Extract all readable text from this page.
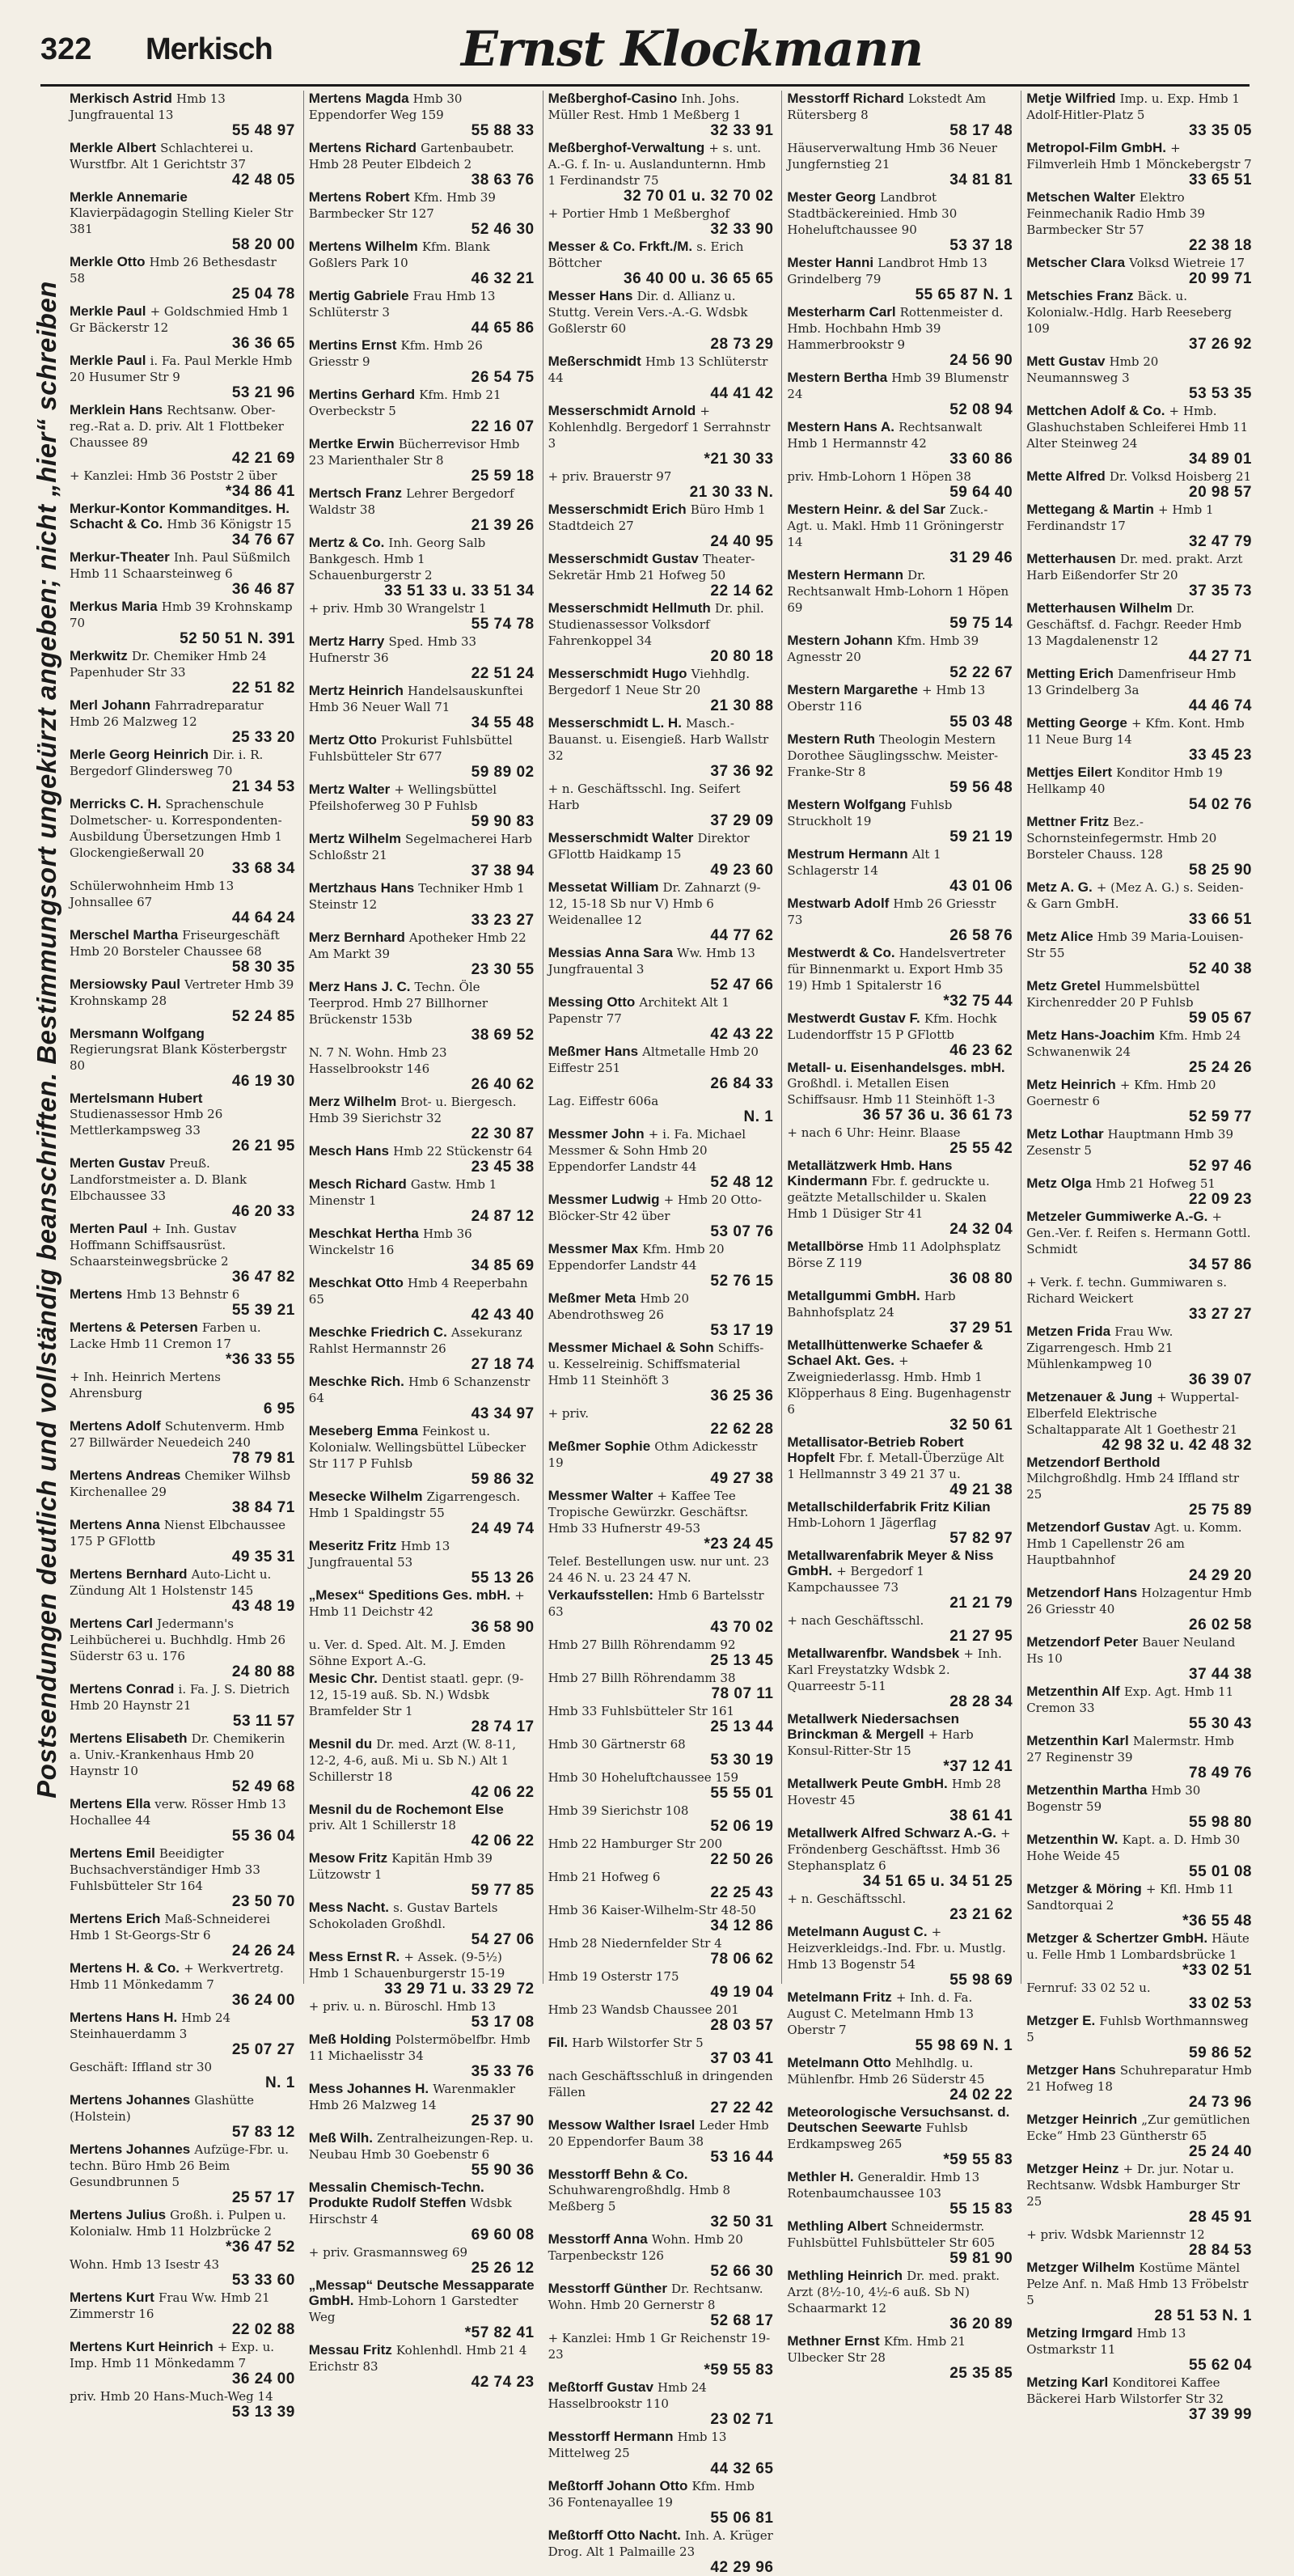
322 Merkisch	Ernst Klockmann
Postsendungen deutlich und vollständig beanschriften. Bestimmungsort ungekürzt angeben; nicht „hier“ schreiben
Merkisch Astrid Hmb 13 Jungfrauental 13
55 48 97
Merkle Albert Schlachterei u. Wurstfbr. Alt 1 Gerichtstr 37
42 48 05
Merkle Annemarie Klavierpädagogin Stelling Kieler Str 381
58 20 00
Merkle Otto Hmb 26 Bethesdastr 58
25 04 78
Merkle Paul + Goldschmied Hmb 1 Gr Bäckerstr 12
36 36 65
Merkle Paul i. Fa. Paul Merkle Hmb 20 Husumer Str 9
53 21 96
Merklein Hans Rechtsanw. Ober-reg.-Rat a. D. priv. Alt 1 Flottbeker Chaussee 89
42 21 69
+ Kanzlei: Hmb 36 Poststr 2 über
*34 86 41
Merkur-Kontor Kommanditges. H. Schacht & Co. Hmb 36 Königstr 15
34 76 67
Merkur-Theater Inh. Paul Süßmilch Hmb 11 Schaarsteinweg 6
36 46 87
Merkus Maria Hmb 39 Krohnskamp 70
52 50 51 N. 391
Merkwitz Dr. Chemiker Hmb 24 Papenhuder Str 33
22 51 82
Merl Johann Fahrradreparatur Hmb 26 Malzweg 12
25 33 20
Merle Georg Heinrich Dir. i. R. Bergedorf Glindersweg 70
21 34 53
Merricks C. H. Sprachenschule Dolmetscher- u. Korrespondenten-Ausbildung Übersetzungen Hmb 1 Glockengießerwall 20
33 68 34
Schülerwohnheim Hmb 13 Johnsallee 67
44 64 24
Merschel Martha Friseurgeschäft Hmb 20 Borsteler Chaussee 68
58 30 35
Mersiowsky Paul Vertreter Hmb 39 Krohnskamp 28
52 24 85
Mersmann Wolfgang Regierungsrat Blank Kösterbergstr 80
46 19 30
Mertelsmann Hubert Studienassessor Hmb 26 Mettlerkampsweg 33
26 21 95
Merten Gustav Preuß. Landforstmeister a. D. Blank Elbchaussee 33
46 20 33
Merten Paul + Inh. Gustav Hoffmann Schiffsausrüst. Schaarsteinwegsbrücke 2
36 47 82
Mertens Hmb 13 Behnstr 6
55 39 21
Mertens & Petersen Farben u. Lacke Hmb 11 Cremon 17
*36 33 55
+ Inh. Heinrich Mertens Ahrensburg
6 95
Mertens Adolf Schutenverm. Hmb 27 Billwärder Neuedeich 240
78 79 81
Mertens Andreas Chemiker Wilhsb Kirchenallee 29
38 84 71
Mertens Anna Nienst Elbchaussee 175 P GFlottb
49 35 31
Mertens Bernhard Auto-Licht u. Zündung Alt 1 Holstenstr 145
43 48 19
Mertens Carl Jedermann's Leihbücherei u. Buchhdlg. Hmb 26 Süderstr 63 u. 176
24 80 88
Mertens Conrad i. Fa. J. S. Dietrich Hmb 20 Haynstr 21
53 11 57
Mertens Elisabeth Dr. Chemikerin a. Univ.-Krankenhaus Hmb 20 Haynstr 10
52 49 68
Mertens Ella verw. Rösser Hmb 13 Hochallee 44
55 36 04
Mertens Emil Beeidigter Buchsachverständiger Hmb 33 Fuhlsbütteler Str 164
23 50 70
Mertens Erich Maß-Schneiderei Hmb 1 St-Georgs-Str 6
24 26 24
Mertens H. & Co. + Werkvertretg. Hmb 11 Mönkedamm 7
36 24 00
Mertens Hans H. Hmb 24 Steinhauerdamm 3
25 07 27
Geschäft: Iffland str 30
N. 1
Mertens Johannes Glashütte (Holstein)
57 83 12
Mertens Johannes Aufzüge-Fbr. u. techn. Büro Hmb 26 Beim Gesundbrunnen 5
25 57 17
Mertens Julius Großh. i. Pulpen u. Kolonialw. Hmb 11 Holzbrücke 2
*36 47 52
Wohn. Hmb 13 Isestr 43
53 33 60
Mertens Kurt Frau Ww. Hmb 21 Zimmerstr 16
22 02 88
Mertens Kurt Heinrich + Exp. u. Imp. Hmb 11 Mönkedamm 7
36 24 00
priv. Hmb 20 Hans-Much-Weg 14
53 13 39
Mertens Magda Hmb 30 Eppendorfer Weg 159
55 88 33
Mertens Richard Gartenbaubetr. Hmb 28 Peuter Elbdeich 2
38 63 76
Mertens Robert Kfm. Hmb 39 Barmbecker Str 127
52 46 30
Mertens Wilhelm Kfm. Blank Goßlers Park 10
46 32 21
Mertig Gabriele Frau Hmb 13 Schlüterstr 3
44 65 86
Mertins Ernst Kfm. Hmb 26 Griesstr 9
26 54 75
Mertins Gerhard Kfm. Hmb 21 Overbeckstr 5
22 16 07
Mertke Erwin Bücherrevisor Hmb 23 Marienthaler Str 8
25 59 18
Mertsch Franz Lehrer Bergedorf Waldstr 38
21 39 26
Mertz & Co. Inh. Georg Salb Bankgesch. Hmb 1 Schauenburgerstr 2
33 51 33 u. 33 51 34
+ priv. Hmb 30 Wrangelstr 1
55 74 78
Mertz Harry Sped. Hmb 33 Hufnerstr 36
22 51 24
Mertz Heinrich Handelsauskunftei Hmb 36 Neuer Wall 71
34 55 48
Mertz Otto Prokurist Fuhlsbüttel Fuhlsbütteler Str 677
59 89 02
Mertz Walter + Wellingsbüttel Pfeilshoferweg 30 P Fuhlsb
59 90 83
Mertz Wilhelm Segelmacherei Harb Schloßstr 21
37 38 94
Mertzhaus Hans Techniker Hmb 1 Steinstr 12
33 23 27
Merz Bernhard Apotheker Hmb 22 Am Markt 39
23 30 55
Merz Hans J. C. Techn. Öle Teerprod. Hmb 27 Billhorner Brückenstr 153b
38 69 52
N. 7 N. Wohn. Hmb 23 Hasselbrookstr 146
26 40 62
Merz Wilhelm Brot- u. Biergesch. Hmb 39 Sierichstr 32
22 30 87
Mesch Hans Hmb 22 Stückenstr 64
23 45 38
Mesch Richard Gastw. Hmb 1 Minenstr 1
24 87 12
Meschkat Hertha Hmb 36 Winckelstr 16
34 85 69
Meschkat Otto Hmb 4 Reeperbahn 65
42 43 40
Meschke Friedrich C. Assekuranz Rahlst Hermannstr 26
27 18 74
Meschke Rich. Hmb 6 Schanzenstr 64
43 34 97
Meseberg Emma Feinkost u. Kolonialw. Wellingsbüttel Lübecker Str 117 P Fuhlsb
59 86 32
Mesecke Wilhelm Zigarrengesch. Hmb 1 Spaldingstr 55
24 49 74
Meseritz Fritz Hmb 13 Jungfrauental 53
55 13 26
„Mesex“ Speditions Ges. mbH. + Hmb 11 Deichstr 42
36 58 90
u. Ver. d. Sped. Alt. M. J. Emden Söhne Export A.-G.
Mesic Chr. Dentist staatl. gepr. (9-12, 15-19 auß. Sb. N.) Wdsbk Bramfelder Str 1
28 74 17
Mesnil du Dr. med. Arzt (W. 8-11, 12-2, 4-6, auß. Mi u. Sb N.) Alt 1 Schillerstr 18
42 06 22
Mesnil du de Rochemont Else priv. Alt 1 Schillerstr 18
42 06 22
Mesow Fritz Kapitän Hmb 39 Lützowstr 1
59 77 85
Mess Nacht. s. Gustav Bartels Schokoladen Großhdl.
54 27 06
Mess Ernst R. + Assek. (9-5½) Hmb 1 Schauenburgerstr 15-19
33 29 71 u. 33 29 72
+ priv. u. n. Büroschl. Hmb 13
53 17 08
Meß Holding Polstermöbelfbr. Hmb 11 Michaelisstr 34
35 33 76
Mess Johannes H. Warenmakler Hmb 26 Malzweg 14
25 37 90
Meß Wilh. Zentralheizungen-Rep. u. Neubau Hmb 30 Goebenstr 6
55 90 36
Messalin Chemisch-Techn. Produkte Rudolf Steffen Wdsbk Hirschstr 4
69 60 08
+ priv. Grasmannsweg 69
25 26 12
„Messap“ Deutsche Messapparate GmbH. Hmb-Lohorn 1 Garstedter Weg
*57 82 41
Messau Fritz Kohlenhdl. Hmb 21 4 Erichstr 83
42 74 23
Meßberghof-Casino Inh. Johs. Müller Rest. Hmb 1 Meßberg 1
32 33 91
Meßberghof-Verwaltung + s. unt. A.-G. f. In- u. Auslandunternn. Hmb 1 Ferdinandstr 75
32 70 01 u. 32 70 02
+ Portier Hmb 1 Meßberghof
32 33 90
Messer & Co. Frkft./M. s. Erich Böttcher
36 40 00 u. 36 65 65
Messer Hans Dir. d. Allianz u. Stuttg. Verein Vers.-A.-G. Wdsbk Goßlerstr 60
28 73 29
Meßerschmidt Hmb 13 Schlüterstr 44
44 41 42
Messerschmidt Arnold + Kohlenhdlg. Bergedorf 1 Serrahnstr 3
*21 30 33
+ priv. Brauerstr 97
21 30 33 N.
Messerschmidt Erich Büro Hmb 1 Stadtdeich 27
24 40 95
Messerschmidt Gustav Theater-Sekretär Hmb 21 Hofweg 50
22 14 62
Messerschmidt Hellmuth Dr. phil. Studienassessor Volksdorf Fahrenkoppel 34
20 80 18
Messerschmidt Hugo Viehhdlg. Bergedorf 1 Neue Str 20
21 30 88
Messerschmidt L. H. Masch.-Bauanst. u. Eisengieß. Harb Wallstr 32
37 36 92
+ n. Geschäftsschl. Ing. Seifert Harb
37 29 09
Messerschmidt Walter Direktor GFlottb Haidkamp 15
49 23 60
Messetat William Dr. Zahnarzt (9-12, 15-18 Sb nur V) Hmb 6 Weidenallee 12
44 77 62
Messias Anna Sara Ww. Hmb 13 Jungfrauental 3
52 47 66
Messing Otto Architekt Alt 1 Papenstr 77
42 43 22
Meßmer Hans Altmetalle Hmb 20 Eiffestr 251
26 84 33
Lag. Eiffestr 606a
N. 1
Messmer John + i. Fa. Michael Messmer & Sohn Hmb 20 Eppendorfer Landstr 44
52 48 12
Messmer Ludwig + Hmb 20 Otto-Blöcker-Str 42 über
53 07 76
Messmer Max Kfm. Hmb 20 Eppendorfer Landstr 44
52 76 15
Meßmer Meta Hmb 20 Abendrothsweg 26
53 17 19
Messmer Michael & Sohn Schiffs- u. Kesselreinig. Schiffsmaterial Hmb 11 Steinhöft 3
36 25 36
+ priv.
22 62 28
Meßmer Sophie Othm Adickesstr 19
49 27 38
Messmer Walter + Kaffee Tee Tropische Gewürzkr. Geschäftsr. Hmb 33 Hufnerstr 49-53
*23 24 45
Telef. Bestellungen usw. nur unt. 23 24 46 N. u. 23 24 47 N.
Verkaufsstellen: Hmb 6 Bartelsstr 63
43 70 02
Hmb 27 Billh Röhrendamm 92
25 13 45
Hmb 27 Billh Röhrendamm 38
78 07 11
Hmb 33 Fuhlsbütteler Str 161
25 13 44
Hmb 30 Gärtnerstr 68
53 30 19
Hmb 30 Hoheluftchaussee 159
55 55 01
Hmb 39 Sierichstr 108
52 06 19
Hmb 22 Hamburger Str 200
22 50 26
Hmb 21 Hofweg 6
22 25 43
Hmb 36 Kaiser-Wilhelm-Str 48-50
34 12 86
Hmb 28 Niedernfelder Str 4
78 06 62
Hmb 19 Osterstr 175
49 19 04
Hmb 23 Wandsb Chaussee 201
28 03 57
Fil. Harb Wilstorfer Str 5
37 03 41
nach Geschäftsschluß in dringenden Fällen
27 22 42
Messow Walther Israel Leder Hmb 20 Eppendorfer Baum 38
53 16 44
Messtorff Behn & Co. Schuhwarengroßhdlg. Hmb 8 Meßberg 5
32 50 31
Messtorff Anna Wohn. Hmb 20 Tarpenbeckstr 126
52 66 30
Messtorff Günther Dr. Rechtsanw. Wohn. Hmb 20 Gernerstr 8
52 68 17
+ Kanzlei: Hmb 1 Gr Reichenstr 19-23
*59 55 83
Meßtorff Gustav Hmb 24 Hasselbrookstr 110
23 02 71
Messtorff Hermann Hmb 13 Mittelweg 25
44 32 65
Meßtorff Johann Otto Kfm. Hmb 36 Fontenayallee 19
55 06 81
Meßtorff Otto Nacht. Inh. A. Krüger Drog. Alt 1 Palmaille 23
42 29 96
Messtorff Richard Lokstedt Am Rütersberg 8
58 17 48
Häuserverwaltung Hmb 36 Neuer Jungfernstieg 21
34 81 81
Mester Georg Landbrot Stadtbäckereinied. Hmb 30 Hoheluftchaussee 90
53 37 18
Mester Hanni Landbrot Hmb 13 Grindelberg 79
55 65 87 N. 1
Mesterharm Carl Rottenmeister d. Hmb. Hochbahn Hmb 39 Hammerbrookstr 9
24 56 90
Mestern Bertha Hmb 39 Blumenstr 24
52 08 94
Mestern Hans A. Rechtsanwalt Hmb 1 Hermannstr 42
33 60 86
priv. Hmb-Lohorn 1 Höpen 38
59 64 40
Mestern Heinr. & del Sar Zuck.-Agt. u. Makl. Hmb 11 Gröningerstr 14
31 29 46
Mestern Hermann Dr. Rechtsanwalt Hmb-Lohorn 1 Höpen 69
59 75 14
Mestern Johann Kfm. Hmb 39 Agnesstr 20
52 22 67
Mestern Margarethe + Hmb 13 Oberstr 116
55 03 48
Mestern Ruth Theologin Mestern Dorothee Säuglingsschw. Meister-Franke-Str 8
59 56 48
Mestern Wolfgang Fuhlsb Struckholt 19
59 21 19
Mestrum Hermann Alt 1 Schlagerstr 14
43 01 06
Mestwarb Adolf Hmb 26 Griesstr 73
26 58 76
Mestwerdt & Co. Handelsvertreter für Binnenmarkt u. Export Hmb 35 19) Hmb 1 Spitalerstr 16
*32 75 44
Mestwerdt Gustav F. Kfm. Hochk Ludendorffstr 15 P GFlottb
46 23 62
Metall- u. Eisenhandelsges. mbH. Großhdl. i. Metallen Eisen Schiffsausr. Hmb 11 Steinhöft 1-3
36 57 36 u. 36 61 73
+ nach 6 Uhr: Heinr. Blaase
25 55 42
Metallätzwerk Hmb. Hans Kindermann Fbr. f. gedruckte u. geätzte Metallschilder u. Skalen Hmb 1 Düsiger Str 41
24 32 04
Metallbörse Hmb 11 Adolphsplatz Börse Z 119
36 08 80
Metallgummi GmbH. Harb Bahnhofsplatz 24
37 29 51
Metallhüttenwerke Schaefer & Schael Akt. Ges. + Zweigniederlassg. Hmb. Hmb 1 Klöpperhaus 8 Eing. Bugenhagenstr 6
32 50 61
Metallisator-Betrieb Robert Hopfelt Fbr. f. Metall-Überzüge Alt 1 Hellmannstr 3 49 21 37 u.
49 21 38
Metallschilderfabrik Fritz Kilian Hmb-Lohorn 1 Jägerflag
57 82 97
Metallwarenfabrik Meyer & Niss GmbH. + Bergedorf 1 Kampchaussee 73
21 21 79
+ nach Geschäftsschl.
21 27 95
Metallwarenfbr. Wandsbek + Inh. Karl Freystatzky Wdsbk 2. Quarreestr 5-11
28 28 34
Metallwerk Niedersachsen Brinckman & Mergell + Harb Konsul-Ritter-Str 15
*37 12 41
Metallwerk Peute GmbH. Hmb 28 Hovestr 45
38 61 41
Metallwerk Alfred Schwarz A.-G. + Fröndenberg Geschäftsst. Hmb 36 Stephansplatz 6
34 51 65 u. 34 51 25
+ n. Geschäftsschl.
23 21 62
Metelmann August C. + Heizverkleidgs.-Ind. Fbr. u. Mustlg. Hmb 13 Bogenstr 54
55 98 69
Metelmann Fritz + Inh. d. Fa. August C. Metelmann Hmb 13 Oberstr 7
55 98 69 N. 1
Metelmann Otto Mehlhdlg. u. Mühlenfbr. Hmb 26 Süderstr 45
24 02 22
Meteorologische Versuchsanst. d. Deutschen Seewarte Fuhlsb Erdkampsweg 265
*59 55 83
Methler H. Generaldir. Hmb 13 Rotenbaumchaussee 103
55 15 83
Methling Albert Schneidermstr. Fuhlsbüttel Fuhlsbütteler Str 605
59 81 90
Methling Heinrich Dr. med. prakt. Arzt (8½-10, 4½-6 auß. Sb N) Schaarmarkt 12
36 20 89
Methner Ernst Kfm. Hmb 21 Ulbecker Str 28
25 35 85
Metje Wilfried Imp. u. Exp. Hmb 1 Adolf-Hitler-Platz 5
33 35 05
Metropol-Film GmbH. + Filmverleih Hmb 1 Mönckebergstr 7
33 65 51
Metschen Walter Elektro Feinmechanik Radio Hmb 39 Barmbecker Str 57
22 38 18
Metscher Clara Volksd Wietreie 17
20 99 71
Metschies Franz Bäck. u. Kolonialw.-Hdlg. Harb Reeseberg 109
37 26 92
Mett Gustav Hmb 20 Neumannsweg 3
53 53 35
Mettchen Adolf & Co. + Hmb. Glashuchstaben Schleiferei Hmb 11 Alter Steinweg 24
34 89 01
Mette Alfred Dr. Volksd Hoisberg 21
20 98 57
Mettegang & Martin + Hmb 1 Ferdinandstr 17
32 47 79
Metterhausen Dr. med. prakt. Arzt Harb Eißendorfer Str 20
37 35 73
Metterhausen Wilhelm Dr. Geschäftsf. d. Fachgr. Reeder Hmb 13 Magdalenenstr 12
44 27 71
Metting Erich Damenfriseur Hmb 13 Grindelberg 3a
44 46 74
Metting George + Kfm. Kont. Hmb 11 Neue Burg 14
33 45 23
Mettjes Eilert Konditor Hmb 19 Hellkamp 40
54 02 76
Mettner Fritz Bez.-Schornsteinfegermstr. Hmb 20 Borsteler Chauss. 128
58 25 90
Metz A. G. + (Mez A. G.) s. Seiden- & Garn GmbH.
33 66 51
Metz Alice Hmb 39 Maria-Louisen-Str 55
52 40 38
Metz Gretel Hummelsbüttel Kirchenredder 20 P Fuhlsb
59 05 67
Metz Hans-Joachim Kfm. Hmb 24 Schwanenwik 24
25 24 26
Metz Heinrich + Kfm. Hmb 20 Goernestr 6
52 59 77
Metz Lothar Hauptmann Hmb 39 Zesenstr 5
52 97 46
Metz Olga Hmb 21 Hofweg 51
22 09 23
Metzeler Gummiwerke A.-G. + Gen.-Ver. f. Reifen s. Hermann Gottl. Schmidt
34 57 86
+ Verk. f. techn. Gummiwaren s. Richard Weickert
33 27 27
Metzen Frida Frau Ww. Zigarrengesch. Hmb 21 Mühlenkampweg 10
36 39 07
Metzenauer & Jung + Wuppertal-Elberfeld Elektrische Schaltapparate Alt 1 Goethestr 21
42 98 32 u. 42 48 32
Metzendorf Berthold Milchgroßhdlg. Hmb 24 Iffland str 25
25 75 89
Metzendorf Gustav Agt. u. Komm. Hmb 1 Capellenstr 26 am Hauptbahnhof
24 29 20
Metzendorf Hans Holzagentur Hmb 26 Griesstr 40
26 02 58
Metzendorf Peter Bauer Neuland Hs 10
37 44 38
Metzenthin Alf Exp. Agt. Hmb 11 Cremon 33
55 30 43
Metzenthin Karl Malermstr. Hmb 27 Reginenstr 39
78 49 76
Metzenthin Martha Hmb 30 Bogenstr 59
55 98 80
Metzenthin W. Kapt. a. D. Hmb 30 Hohe Weide 45
55 01 08
Metzger & Möring + Kfl. Hmb 11 Sandtorquai 2
*36 55 48
Metzger & Schertzer GmbH. Häute u. Felle Hmb 1 Lombardsbrücke 1
*33 02 51
Fernruf: 33 02 52 u.
33 02 53
Metzger E. Fuhlsb Worthmannsweg 5
59 86 52
Metzger Hans Schuhreparatur Hmb 21 Hofweg 18
24 73 96
Metzger Heinrich „Zur gemütlichen Ecke“ Hmb 23 Güntherstr 65
25 24 40
Metzger Heinz + Dr. jur. Notar u. Rechtsanw. Wdsbk Hamburger Str 25
28 45 91
+ priv. Wdsbk Mariennstr 12
28 84 53
Metzger Wilhelm Kostüme Mäntel Pelze Anf. n. Maß Hmb 13 Fröbelstr 5
28 51 53 N. 1
Metzing Irmgard Hmb 13 Ostmarkstr 11
55 62 04
Metzing Karl Konditorei Kaffee Bäckerei Harb Wilstorfer Str 32
37 39 99
